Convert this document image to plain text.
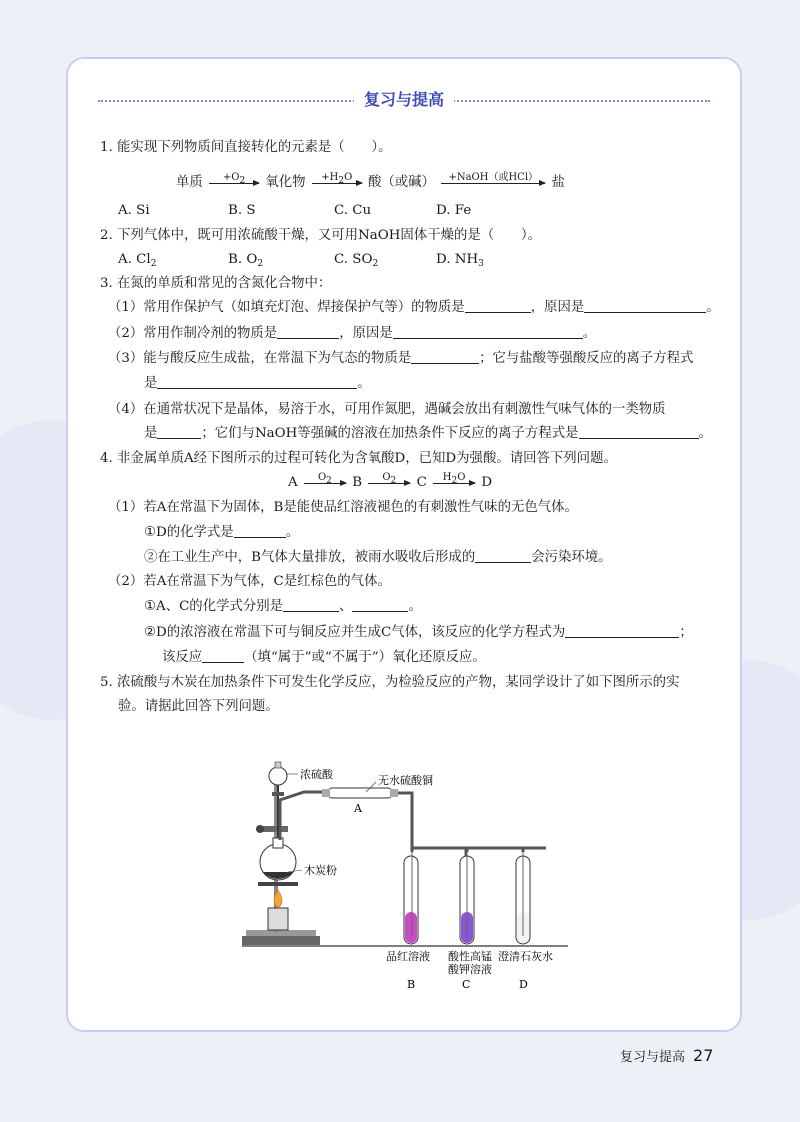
复习与提高
1. 能实现下列物质间直接转化的元素是（　　）。
单质	+O2	氧化物	+H2O	酸（或碱）	+NaOH（或HCl）	盐
A. Si	B. S	C. Cu	D. Fe
2. 下列气体中，既可用浓硫酸干燥，又可用NaOH固体干燥的是（　　）。
A. $Cl_2$	B. $O_2$	C. $SO_2$	D. $NH_3$
3. 在氮的单质和常见的含氮化合物中：
（1）常用作保护气（如填充灯泡、焊接保护气等）的物质是	，原因是	。
（2）常用作制冷剂的物质是	，原因是	。
（3）能与酸反应生成盐，在常温下为气态的物质是	；它与盐酸等强酸反应的离子方程式
是	。
（4）在通常状况下是晶体，易溶于水，可用作氮肥，遇碱会放出有刺激性气味气体的一类物质
是	；它们与NaOH等强碱的溶液在加热条件下反应的离子方程式是	。
4. 非金属单质A经下图所示的过程可转化为含氧酸D，已知D为强酸。请回答下列问题。
A	O2	B	O2	C	H2O	D
（1）若A在常温下为固体，B是能使品红溶液褪色的有刺激性气味的无色气体。
①D的化学式是	。
②在工业生产中，B气体大量排放，被雨水吸收后形成的	会污染环境。
（2）若A在常温下为气体，C是红棕色的气体。
①A、C的化学式分别是	、	。
②D的浓溶液在常温下可与铜反应并生成C气体，该反应的化学方程式为	；
该反应	（填“属于”或“不属于”）氧化还原反应。
5. 浓硫酸与木炭在加热条件下可发生化学反应，为检验反应的产物，某同学设计了如下图所示的实
验。请据此回答下列问题。
浓硫酸	无水硫酸铜
A
木炭粉
品红溶液 酸性高锰
酸钾溶液
澄清石灰水
B	C	D
复习与提高 27
